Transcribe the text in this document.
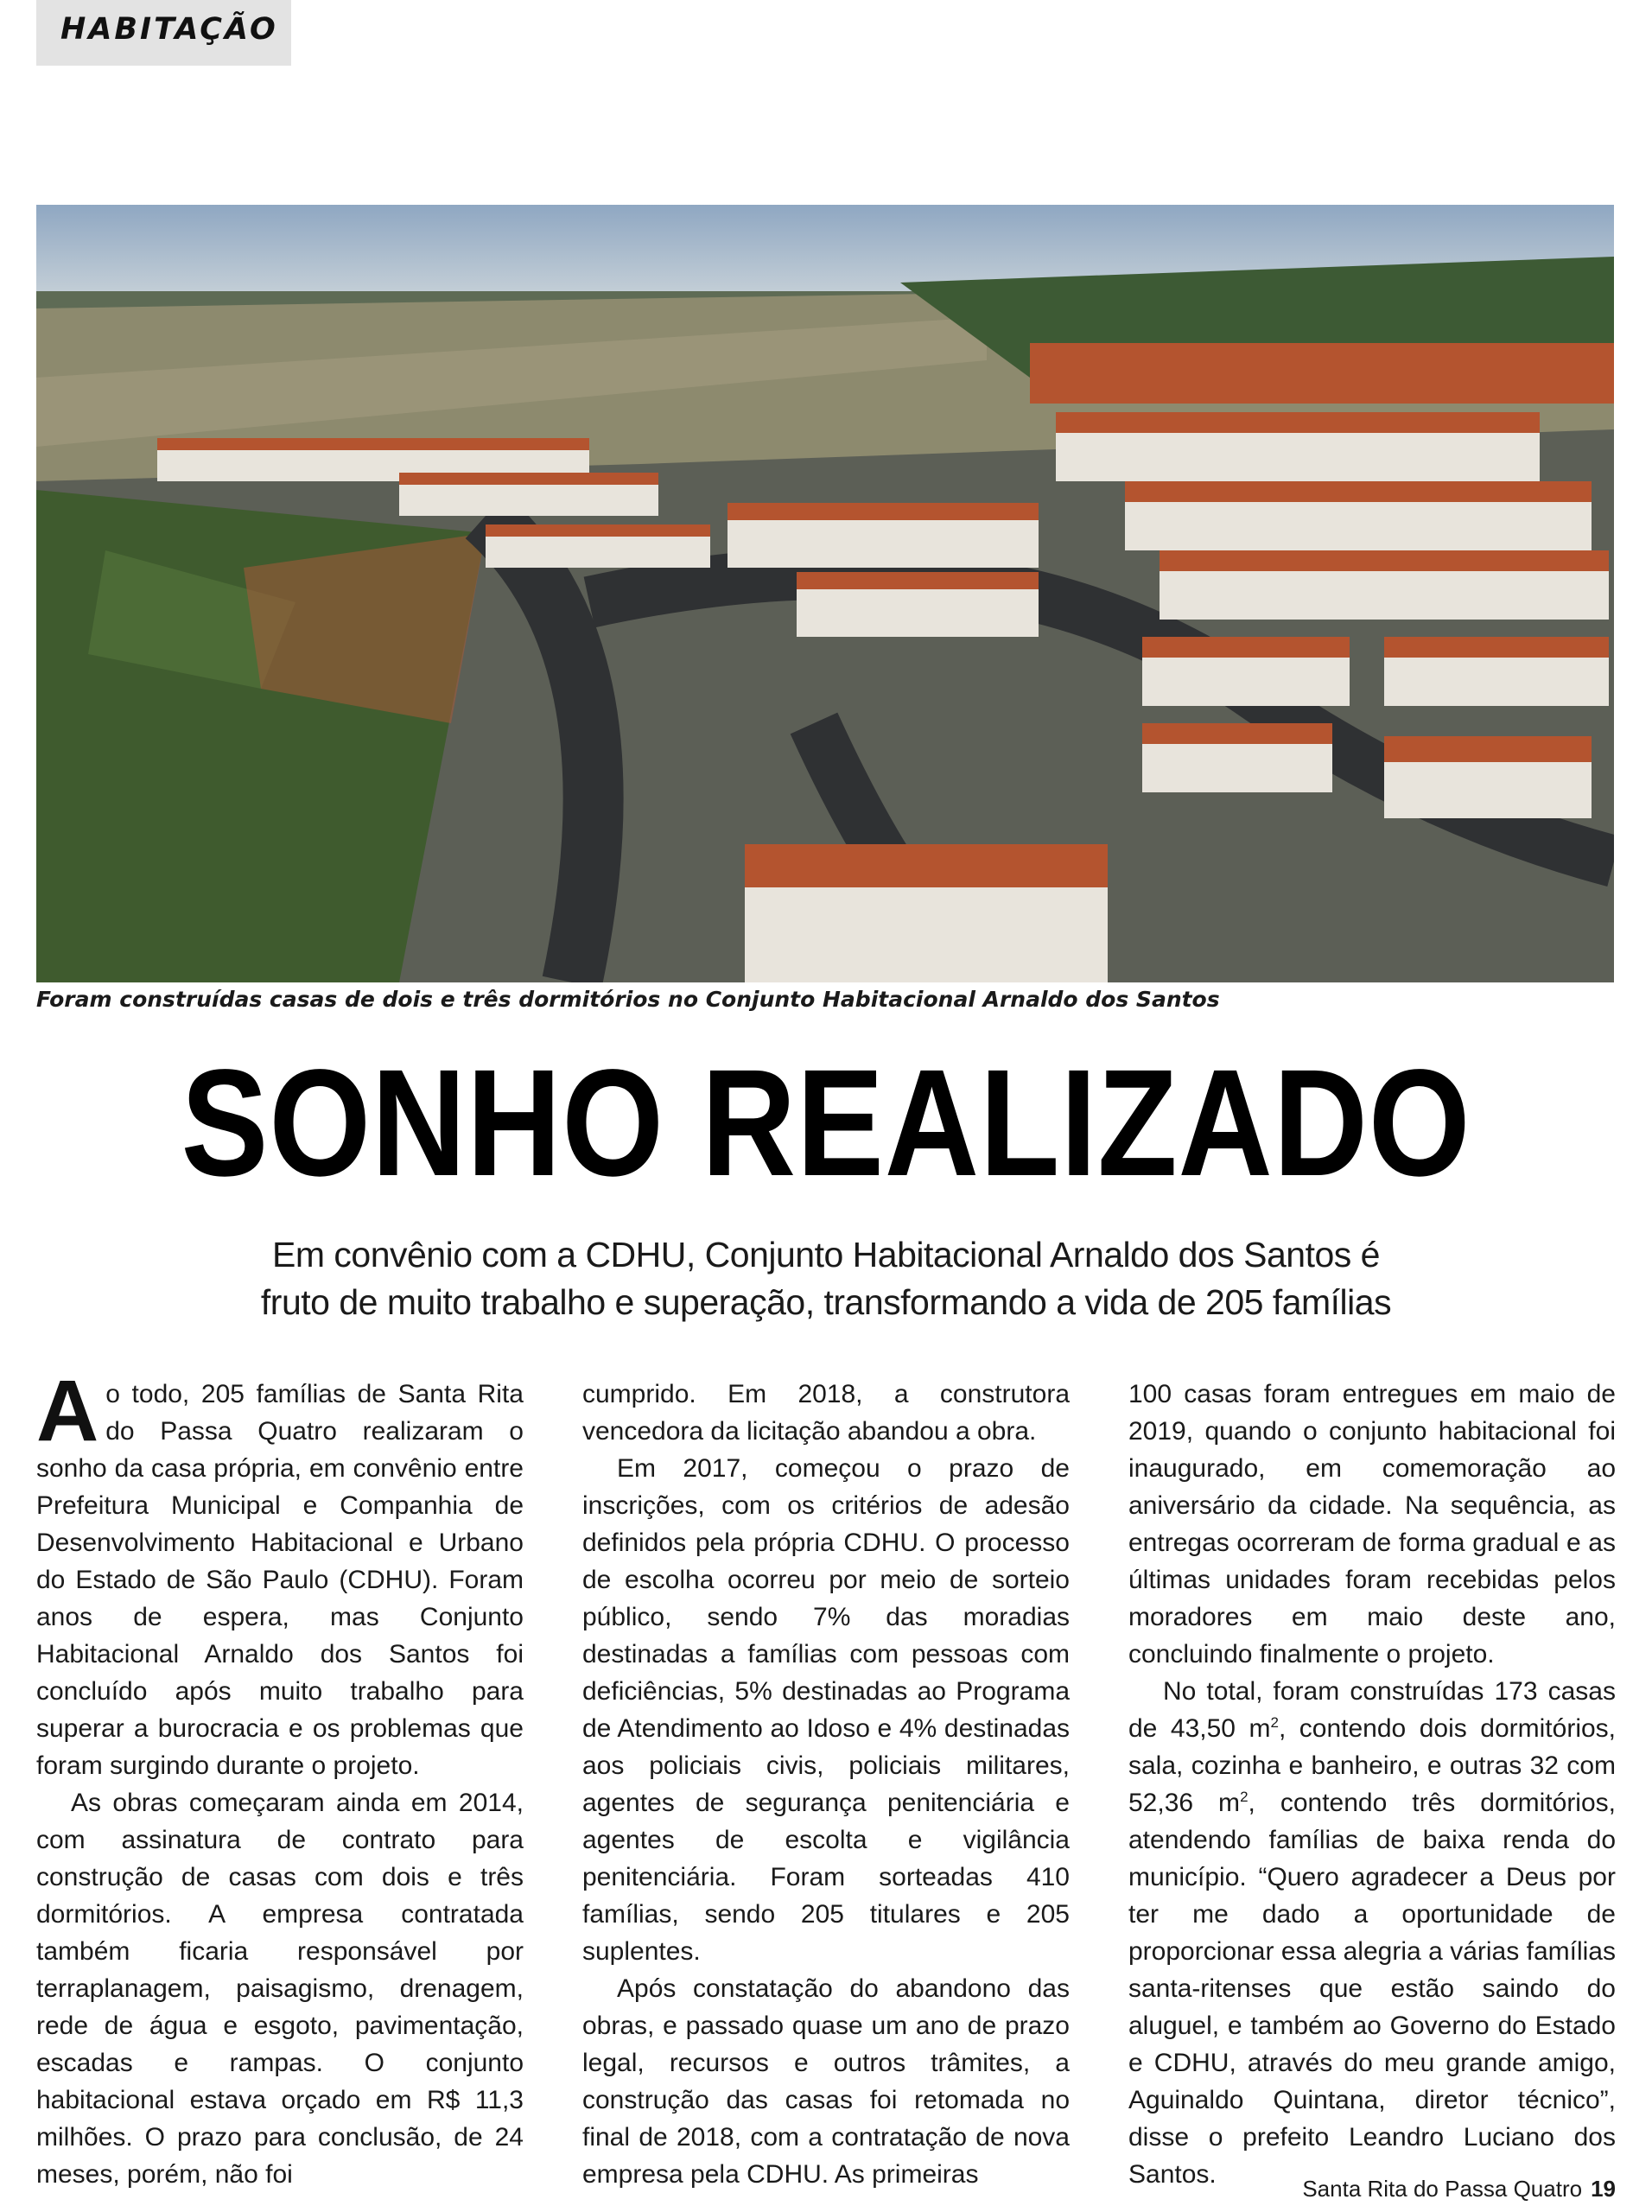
HABITAÇÃO
Foram construídas casas de dois e três dormitórios no Conjunto Habitacional Arnaldo dos Santos
SONHO REALIZADO
Em convênio com a CDHU, Conjunto Habitacional Arnaldo dos Santos é
fruto de muito trabalho e superação, transformando a vida de 205 famílias

Ao todo, 205 famílias de Santa Rita do Passa Quatro realizaram o sonho da casa própria, em convênio entre Prefeitura Municipal e Companhia de Desenvolvimento Habitacional e Urbano do Estado de São Paulo (CDHU). Foram anos de espera, mas Conjunto Habitacional Arnaldo dos Santos foi concluído após muito trabalho para superar a burocracia e os problemas que foram surgindo durante o projeto.

As obras começaram ainda em 2014, com assinatura de contrato para construção de casas com dois e três dormitórios. A empresa contratada também ficaria responsável por terraplanagem, paisagismo, drenagem, rede de água e esgoto, pavimentação, escadas e rampas. O conjunto habitacional estava orçado em R$ 11,3 milhões. O prazo para conclusão, de 24 meses, porém, não foi

cumprido. Em 2018, a construtora vencedora da licitação abandou a obra.

Em 2017, começou o prazo de inscrições, com os critérios de adesão definidos pela própria CDHU. O processo de escolha ocorreu por meio de sorteio público, sendo 7% das moradias destinadas a famílias com pessoas com deficiências, 5% destinadas ao Programa de Atendimento ao Idoso e 4% destinadas aos policiais civis, policiais militares, agentes de segurança penitenciária e agentes de escolta e vigilância penitenciária. Foram sorteadas 410 famílias, sendo 205 titulares e 205 suplentes.

Após constatação do abandono das obras, e passado quase um ano de prazo legal, recursos e outros trâmites, a construção das casas foi retomada no final de 2018, com a contratação de nova empresa pela CDHU. As primeiras

100 casas foram entregues em maio de 2019, quando o conjunto habitacional foi inaugurado, em comemoração ao aniversário da cidade. Na sequência, as entregas ocorreram de forma gradual e as últimas unidades foram recebidas pelos moradores em maio deste ano, concluindo finalmente o projeto.

No total, foram construídas 173 casas de 43,50 $m^2$, contendo dois dormitórios, sala, cozinha e banheiro, e outras 32 com 52,36 $m^2$, contendo três dormitórios, atendendo famílias de baixa renda do município. “Quero agradecer a Deus por ter me dado a oportunidade de proporcionar essa alegria a várias famílias santa-ritenses que estão saindo do aluguel, e também ao Governo do Estado e CDHU, através do meu grande amigo, Aguinaldo Quintana, diretor técnico”, disse o prefeito Leandro Luciano dos Santos.	Santa Rita do Passa Quatro 19
